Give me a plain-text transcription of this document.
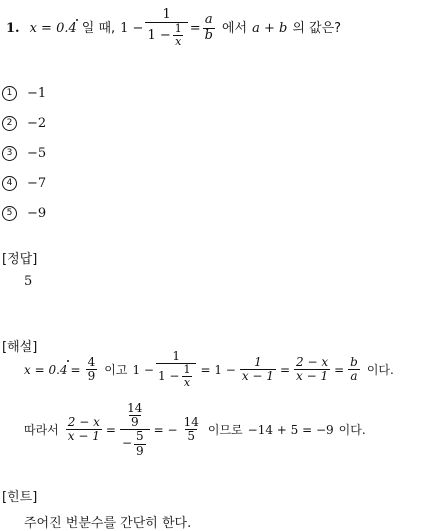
1. x = 0.4 일 때, $1 - \frac{1}{1 - \frac{1}{x}} = \frac{a}{b}$ 에서 a + b 의 값은?
1	−1
2	−2
3	−5
4	−7
5	−9
[정답]
5
[해설]
$x = 0.4 = \frac{4}{9}$ 이고 $1 - \frac{1}{1 - \frac{1}{x}} = 1 - \frac{1}{x - 1} = \frac{2 - x}{x - 1} = \frac{b}{a}$ 이다.
따라서 $\frac{2 - x}{x - 1} = \frac{\frac{14}{9}}{- \frac{5}{9}}$ = − $\frac{14}{5}$ 이므로 −14 + 5 = −9 이다.
[힌트]
주어진 번분수를 간단히 한다.
